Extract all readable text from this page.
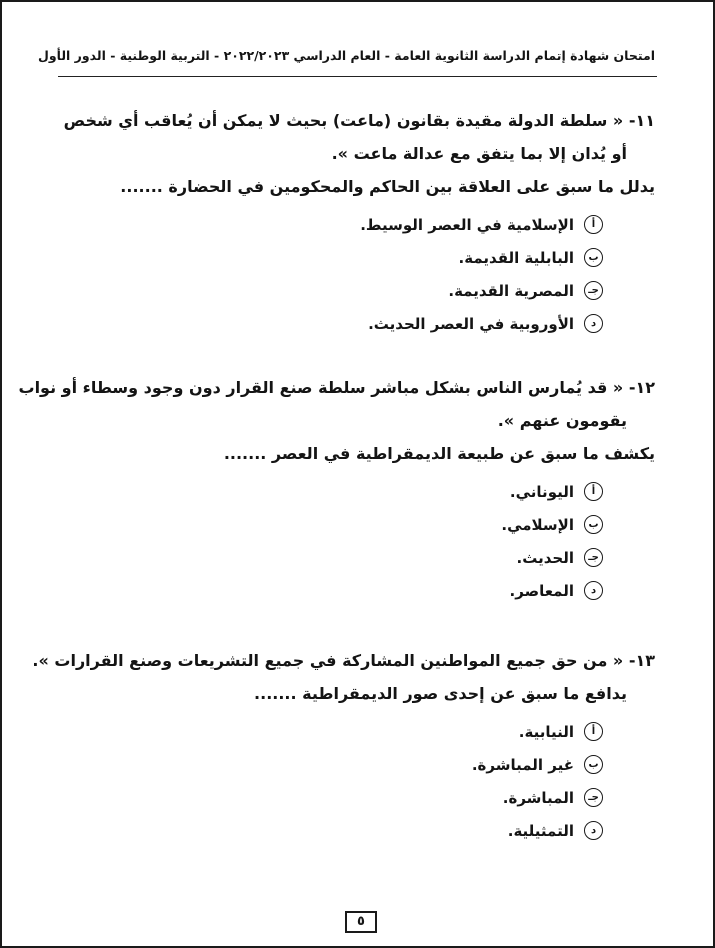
امتحان شهادة إتمام الدراسة الثانوية العامة - العام الدراسي ٢٠٢٢/٢٠٢٣ - التربية الوطنية - الدور الأول
١١- « سلطة الدولة مقيدة بقانون (ماعت) بحيث لا يمكن أن يُعاقب أي شخص
أو يُدان إلا بما يتفق مع عدالة ماعت ».
يدلل ما سبق على العلاقة بين الحاكم والمحكومين في الحضارة .......
أ
الإسلامية في العصر الوسيط.
ب
البابلية القديمة.
جـ
المصرية القديمة.
د
الأوروبية في العصر الحديث.
١٢- « قد يُمارس الناس بشكل مباشر سلطة صنع القرار دون وجود وسطاء أو نواب
يقومون عنهم ».
يكشف ما سبق عن طبيعة الديمقراطية في العصر .......
أ
اليوناني.
ب
الإسلامي.
جـ
الحديث.
د
المعاصر.
١٣- « من حق جميع المواطنين المشاركة في جميع التشريعات وصنع القرارات ».
يدافع ما سبق عن إحدى صور الديمقراطية .......
أ
النيابية.
ب
غير المباشرة.
جـ
المباشرة.
د
التمثيلية.
٥
